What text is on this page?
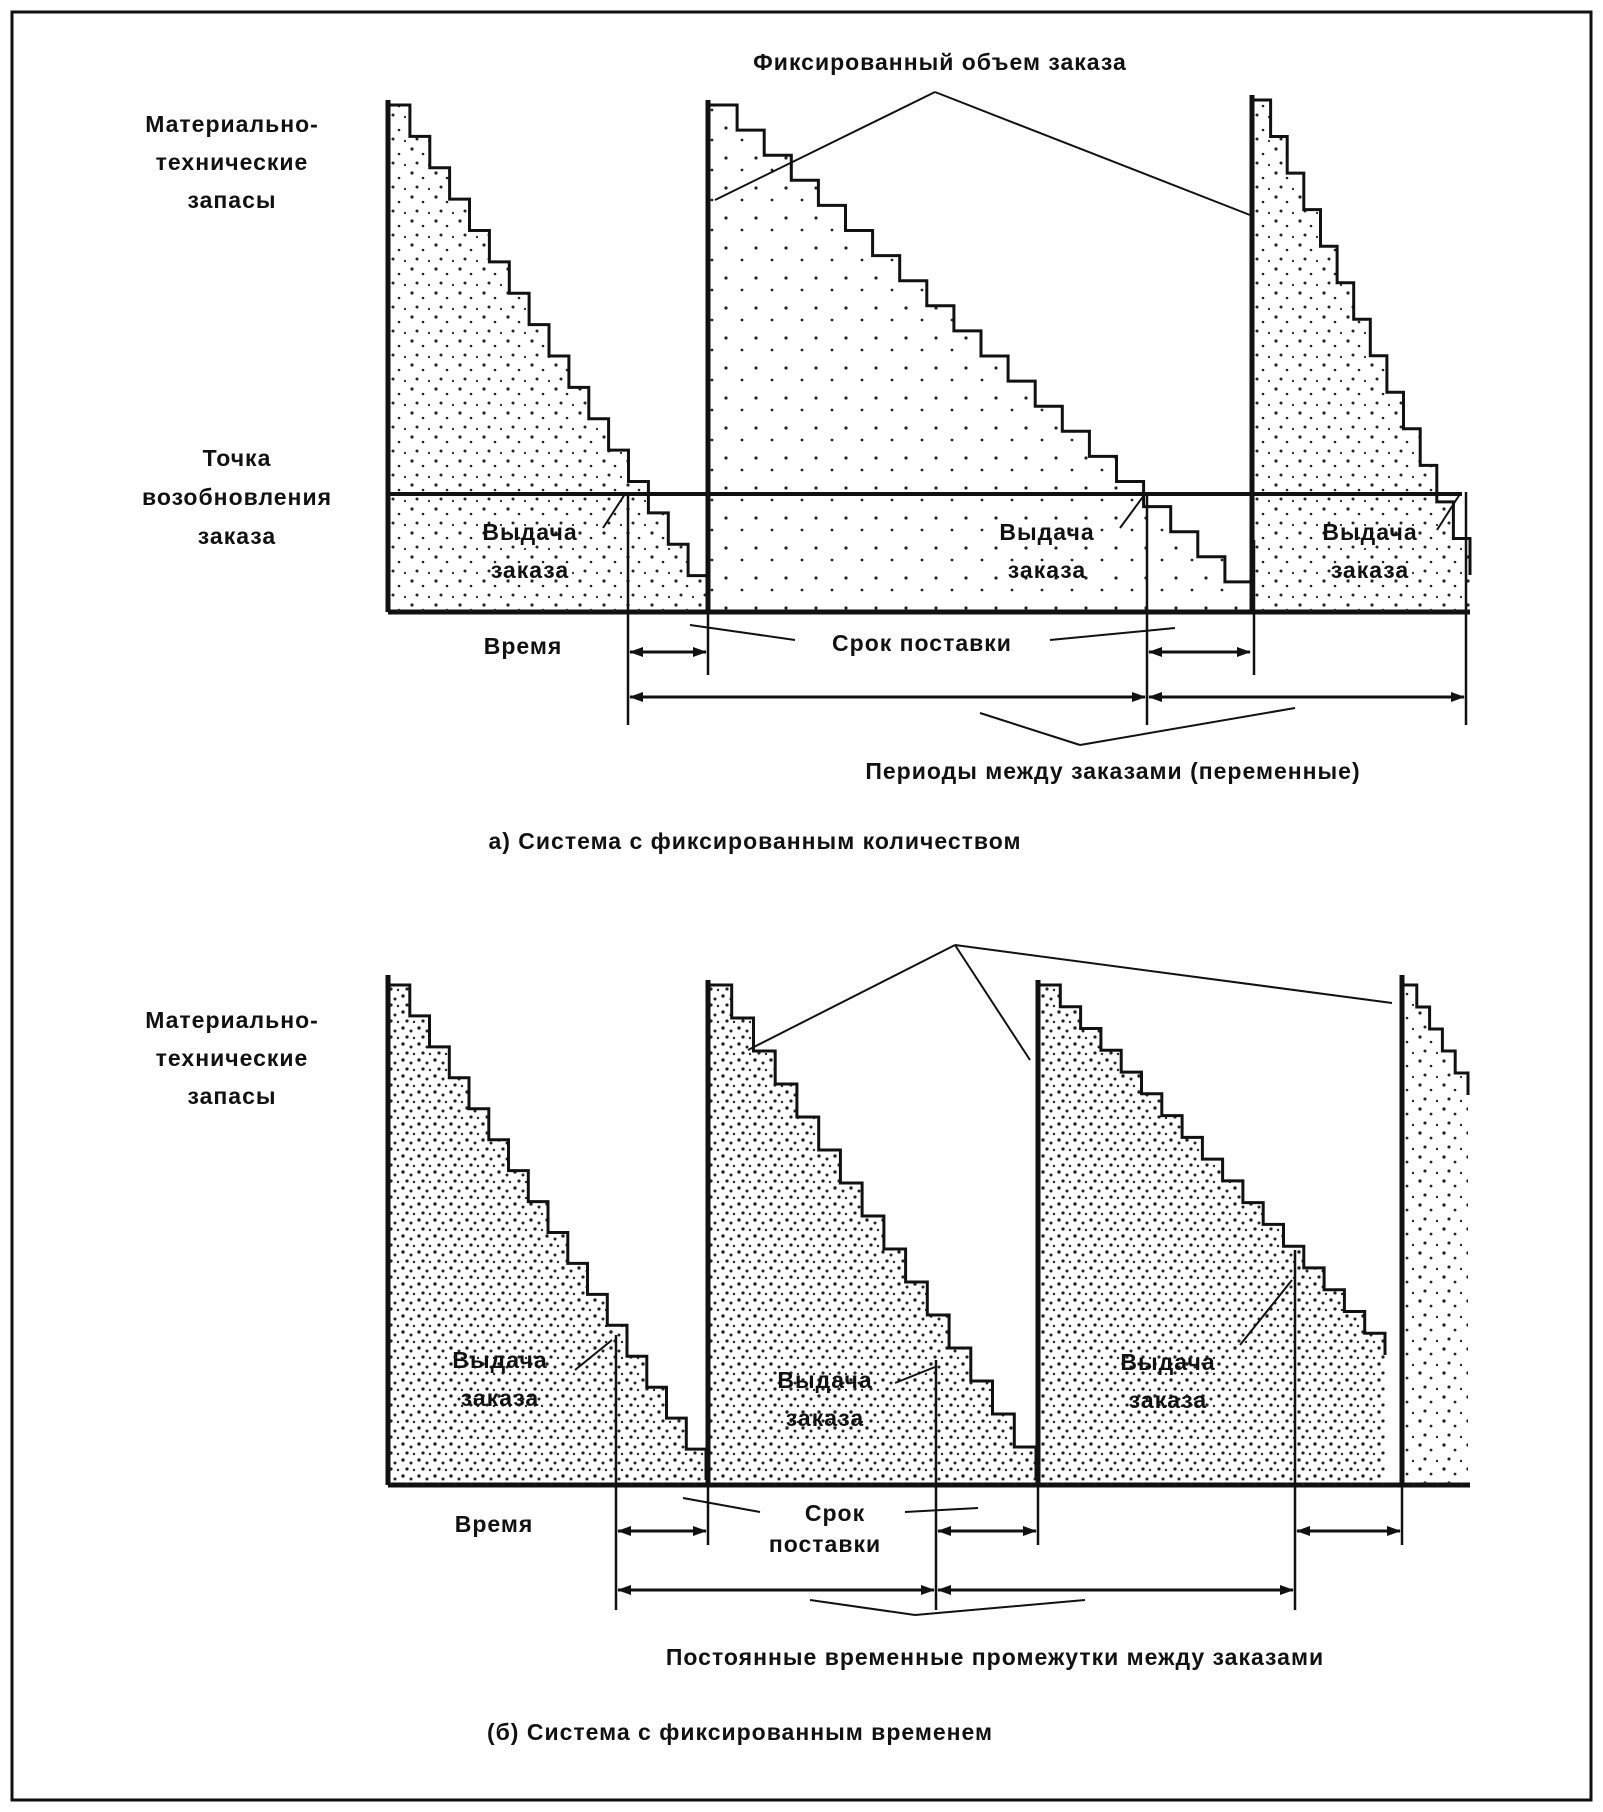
Фиксированный объем заказа
Материально-
технические
запасы
Точка
возобновления
заказа	Выдача
заказа
Выдача
заказа
Выдача
заказа
Время	Срок поставки
Периоды между заказами (переменные)
а) Система с фиксированным количеством
Материально-
технические
запасы
Выдача
заказа
Выдача
заказа
Выдача
заказа
Время	Срок
поставки
Постоянные временные промежутки между заказами
(б) Система с фиксированным временем
